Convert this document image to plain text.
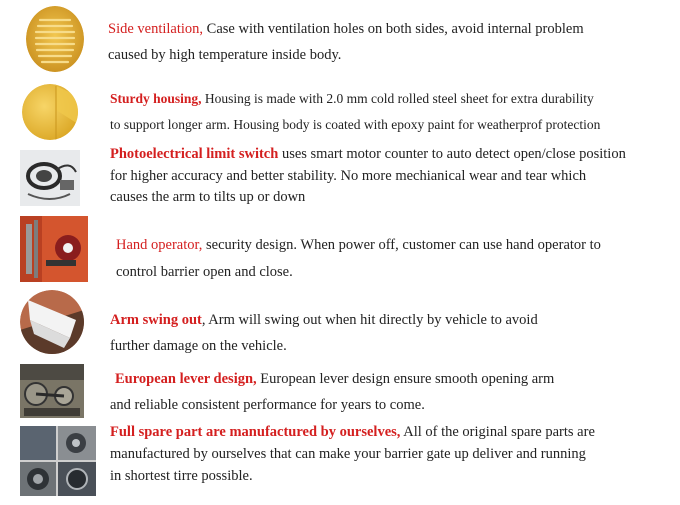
Side ventilation, Case with ventilation holes on both sides, avoid internal problem
caused by high temperature inside body.
Sturdy housing, Housing is made with 2.0 mm cold rolled steel sheet for extra durability
to support longer arm. Housing body is coated with epoxy paint for weatherprof protection
Photoelectrical limit switch uses smart motor counter to auto detect open/close position
for higher accuracy and better stability. No more mechianical wear and tear which
causes the arm to tilts up or down
Hand operator, security design. When power off, customer can use hand operator to
control barrier open and close.
Arm swing out, Arm will swing out when hit directly by vehicle to avoid
further damage on the vehicle.
European lever design, European lever design ensure smooth opening arm
and reliable consistent performance for years to come.
Full spare part are manufactured by ourselves, All of the original spare parts are
manufactured by ourselves that can make your barrier gate up deliver and running
in shortest tirre possible.
